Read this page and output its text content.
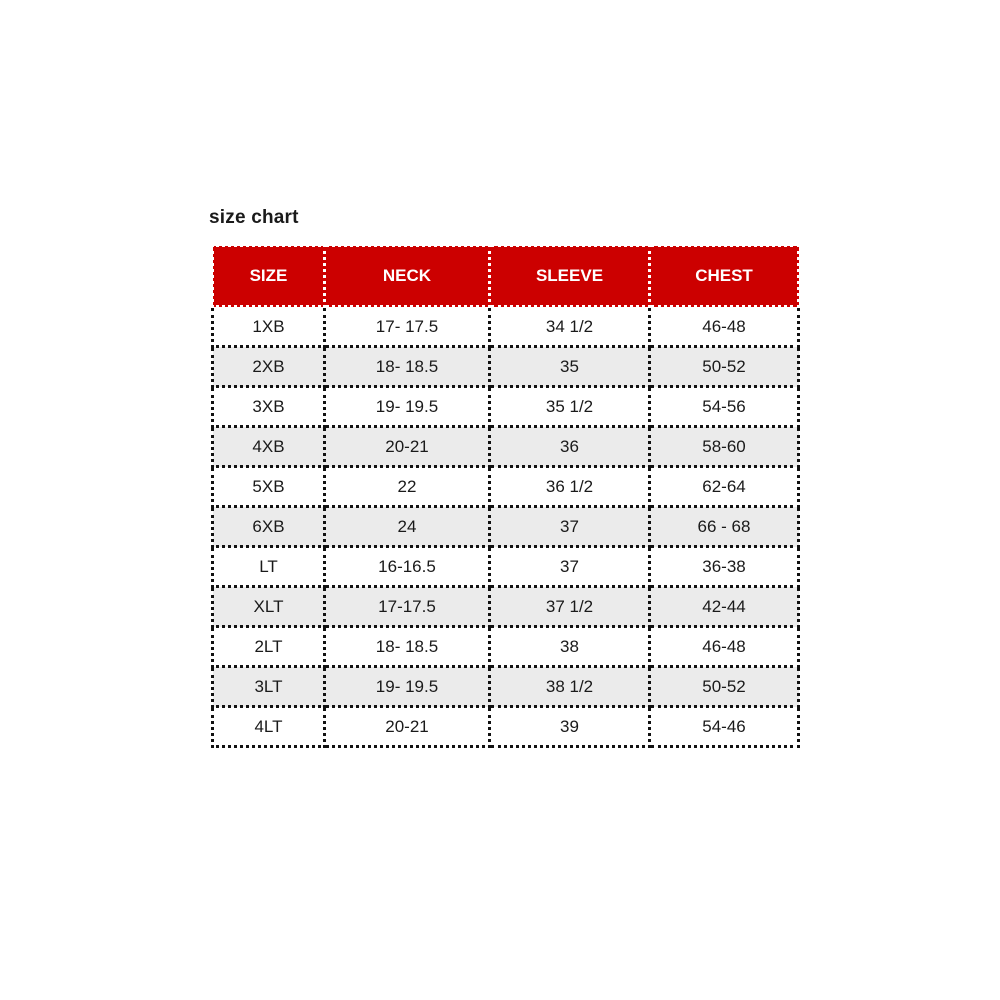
size chart
SIZE	NECK	SLEEVE	CHEST
1XB	17- 17.5	34 1/2	46-48
2XB	18- 18.5	35	50-52
3XB	19- 19.5	35 1/2	54-56
4XB	20-21	36	58-60
5XB	22	36 1/2	62-64
6XB	24	37	66 - 68
LT	16-16.5	37	36-38
XLT	17-17.5	37 1/2	42-44
2LT	18- 18.5	38	46-48
3LT	19- 19.5	38 1/2	50-52
4LT	20-21	39	54-46
